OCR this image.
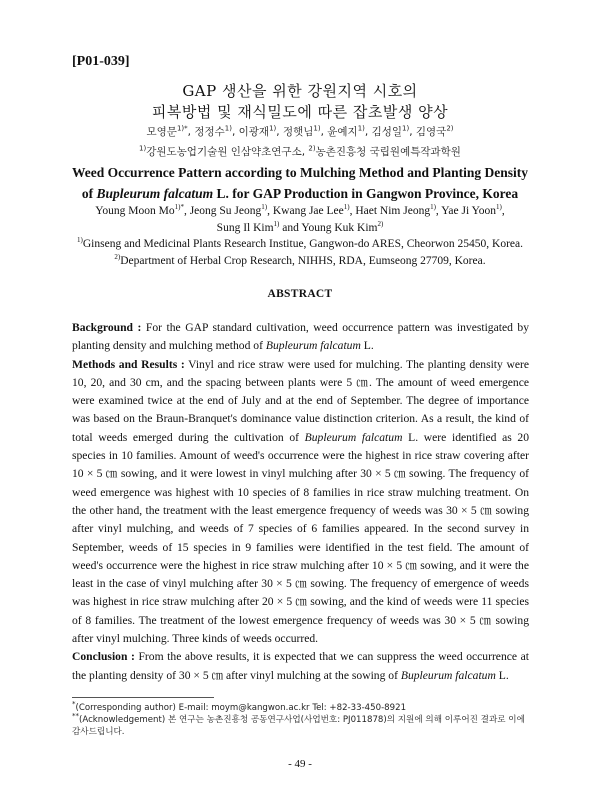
[P01-039]
GAP 생산을 위한 강원지역 시호의
피복방법 및 재식밀도에 따른 잡초발생 양상
모영문$^{1)*}$, 정정수$^{1)}$, 이광재$^{1)}$, 정햇님$^{1)}$, 윤예지$^{1)}$, 김성일$^{1)}$, 김영국$^{2)}$
$^{1)}$강원도농업기술원 인삼약초연구소, $^{2)}$농촌진흥청 국립원예특작과학원
Weed Occurrence Pattern according to Mulching Method and Planting Density
of Bupleurum falcatum L. for GAP Production in Gangwon Province, Korea
Young Moon $Mo^{1)*}$, Jeong Su Jeong$^{1)}$, Kwang Jae Lee$^{1)}$, Haet Nim Jeong$^{1)}$, Yae Ji Yoon$^{1)}$,
Sung Il Kim$^{1)}$ and Young Kuk Kim$^{2)}$
$^{1)}$Ginseng and Medicinal Plants Research Institue, Gangwon-do ARES, Cheorwon 25450, Korea.
$^{2)}$Department of Herbal Crop Research, NIHHS, RDA, Eumseong 27709, Korea.
ABSTRACT

Background : For the GAP standard cultivation, weed occurrence pattern was investigated by planting density and mulching method of Bupleurum falcatum L.

Methods and Results : Vinyl and rice straw were used for mulching. The planting density were 10, 20, and 30 cm, and the spacing between plants were 5 ㎝. The amount of weed emergence were examined twice at the end of July and at the end of September. The degree of importance was based on the Braun-Branquet's dominance value distinction criterion. As a result, the kind of total weeds emerged during the cultivation of Bupleurum falcatum L. were identified as 20 species in 10 families. Amount of weed's occurrence were the highest in rice straw covering after 10 × 5 ㎝ sowing, and it were lowest in vinyl mulching after 30 × 5 ㎝ sowing. The frequency of weed emergence was highest with 10 species of 8 families in rice straw mulching treatment. On the other hand, the treatment with the least emergence frequency of weeds was 30 × 5 ㎝ sowing after vinyl mulching, and weeds of 7 species of 6 families appeared. In the second survey in September, weeds of 15 species in 9 families were identified in the test field. The amount of weed's occurrence were the highest in rice straw mulching after 10 × 5 ㎝ sowing, and it were the least in the case of vinyl mulching after 30 × 5 ㎝ sowing. The frequency of emergence of weeds was highest in rice straw mulching after 20 × 5 ㎝ sowing, and the kind of weeds were 11 species of 8 families. The treatment of the lowest emergence frequency of weeds was 30 × 5 ㎝ sowing after vinyl mulching. Three kinds of weeds occurred.

Conclusion : From the above results, it is expected that we can suppress the weed occurrence at the planting density of 30 × 5 ㎝ after vinyl mulching at the sowing of Bupleurum falcatum L.

*(Corresponding author) E-mail: moym@kangwon.ac.kr Tel: +82-33-450-8921
**(Acknowledgement) 본 연구는 농촌진흥청 공동연구사업(사업번호: PJ011878)의 지원에 의해 이루어진 결과로 이에 감사드립니다.
- 49 -
